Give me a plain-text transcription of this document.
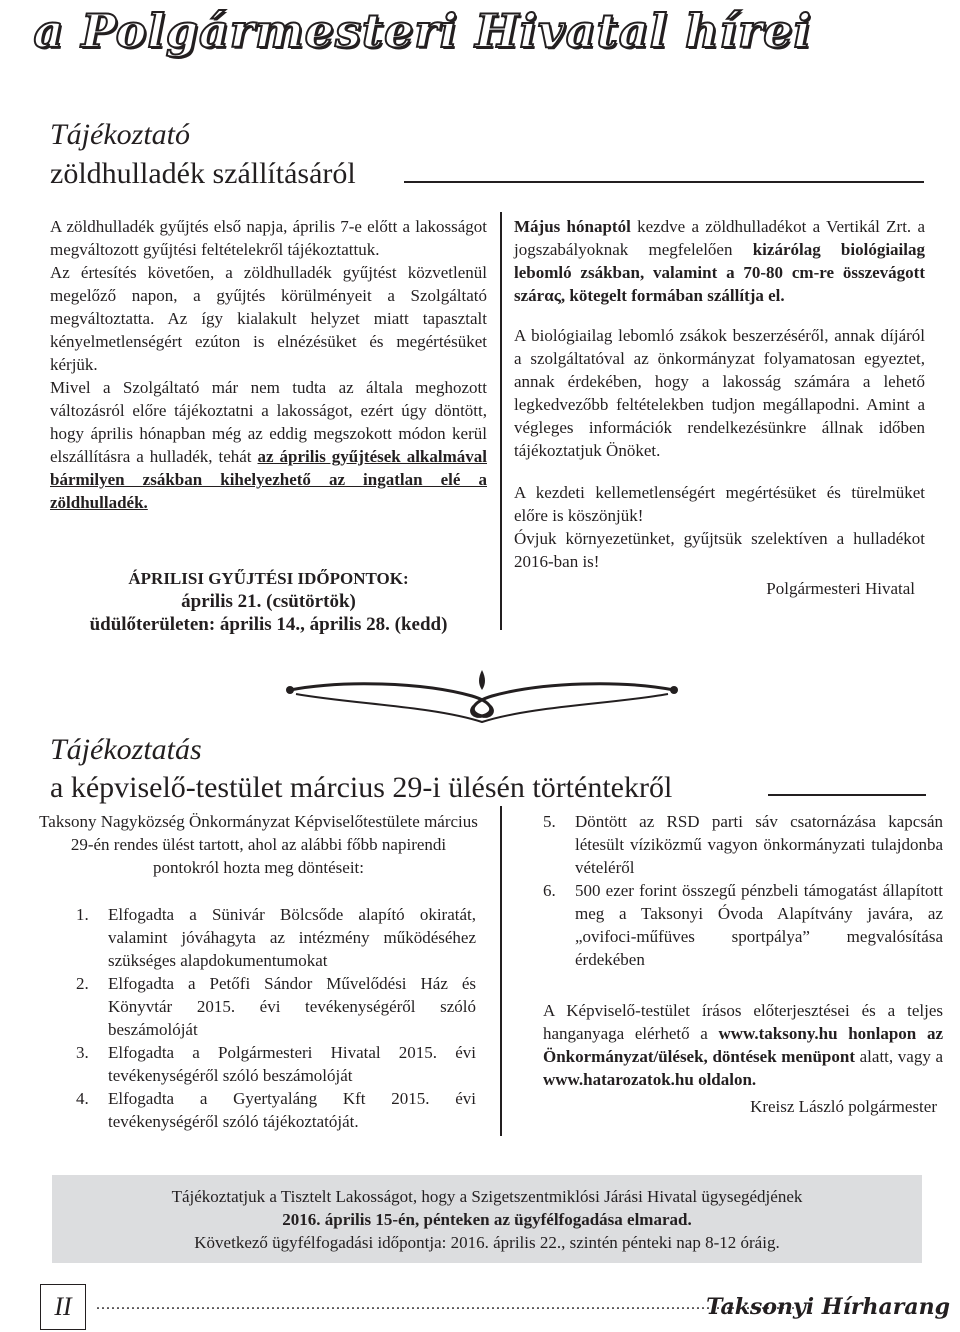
a Polgármesteri Hivatal hírei
Tájékoztató
zöldhulladék szállításáról

A zöldhulladék gyűjtés első napja, április 7-e előtt a lakosságot megváltozott gyűjtési feltételekről tájékoztattuk.

Az értesítés követően, a zöldhulladék gyűjtést közvetlenül megelőző napon, a gyűjtés körülményeit a Szolgáltató megváltoztatta. Az így kialakult helyzet miatt tapasztalt kényelmetlenségért ezúton is elnézésüket és megértésüket kérjük.

Mivel a Szolgáltató már nem tudta az általa meghozott változásról előre tájékoztatni a lakosságot, ezért úgy döntött, hogy április hónapban még az eddig megszokott módon kerül elszállításra a hulladék, tehát az április gyűjtések alkalmával bármilyen zsákban kihelyezhető az ingatlan elé a zöldhulladék.

ÁPRILISI GYŰJTÉSI IDŐPONTOK:
április 21. (csütörtök)
üdülőterületen: április 14., április 28. (kedd)

Május hónaptól kezdve a zöldhulladékot a Vertikál Zrt. a jogszabályoknak megfelelően kizárólag biológiailag lebomló zsákban, valamint a 70-80 cm-re összevágott szárας, kötegelt formában szállítja el.

A biológiailag lebomló zsákok beszerzéséről, annak díjáról a szolgáltatóval az önkormányzat folyamatosan egyeztet, annak érdekében, hogy a lakosság számára a lehető legkedvezőbb feltételekben tudjon megállapodni. Amint a végleges információk rendelkezésünkre állnak időben tájékoztatjuk Önöket.

A kezdeti kellemetlenségért megértésüket és türelmüket előre is köszönjük!

Óvjuk környezetünket, gyűjtsük szelektíven a hulladékot 2016-ban is!

Polgármesteri Hivatal

Tájékoztatás
a képviselő-testület március 29-i ülésén történtekről
Taksony Nagyközség Önkormányzat Képviselőtestülete március 29-én rendes ülést tartott, ahol az alábbi főbb napirendi pontokról hozta meg döntéseit:
1.	Elfogadta a Sünivár Bölcsőde alapító okiratát, valamint jóváhagyta az intézmény működéséhez szükséges alapdokumentumokat
2.	Elfogadta a Petőfi Sándor Művelődési Ház és Könyvtár 2015. évi tevékenységéről szóló beszámolóját
3.	Elfogadta a Polgármesteri Hivatal 2015. évi tevékenységéről szóló beszámolóját
4.	Elfogadta a Gyertyaláng Kft 2015. évi tevékenységéről szóló tájékoztatóját.
5.	Döntött az RSD parti sáv csatornázása kapcsán létesült víziközmű vagyon önkormányzati tulajdonba vételéről
6.	500 ezer forint összegű pénzbeli támogatást állapított meg a Taksonyi Óvoda Alapítvány javára, az „ovifoci-műfüves sportpálya” megvalósítása érdekében

A Képviselő-testület írásos előterjesztései és a teljes hanganyaga elérhető a www.taksony.hu honlapon az Önkormányzat/ülések, döntések menüpont alatt, vagy a www.hatarozatok.hu oldalon.

Kreisz László polgármester

Tájékoztatjuk a Tisztelt Lakosságot, hogy a Szigetszentmiklósi Járási Hivatal ügysegédjének
2016. április 15-én, pénteken az ügyfélfogadása elmarad.
Következő ügyfélfogadási időpontja: 2016. április 22., szintén pénteki nap 8-12 óráig.
II	............................................................................................................................................
Taksonyi Hírharang
